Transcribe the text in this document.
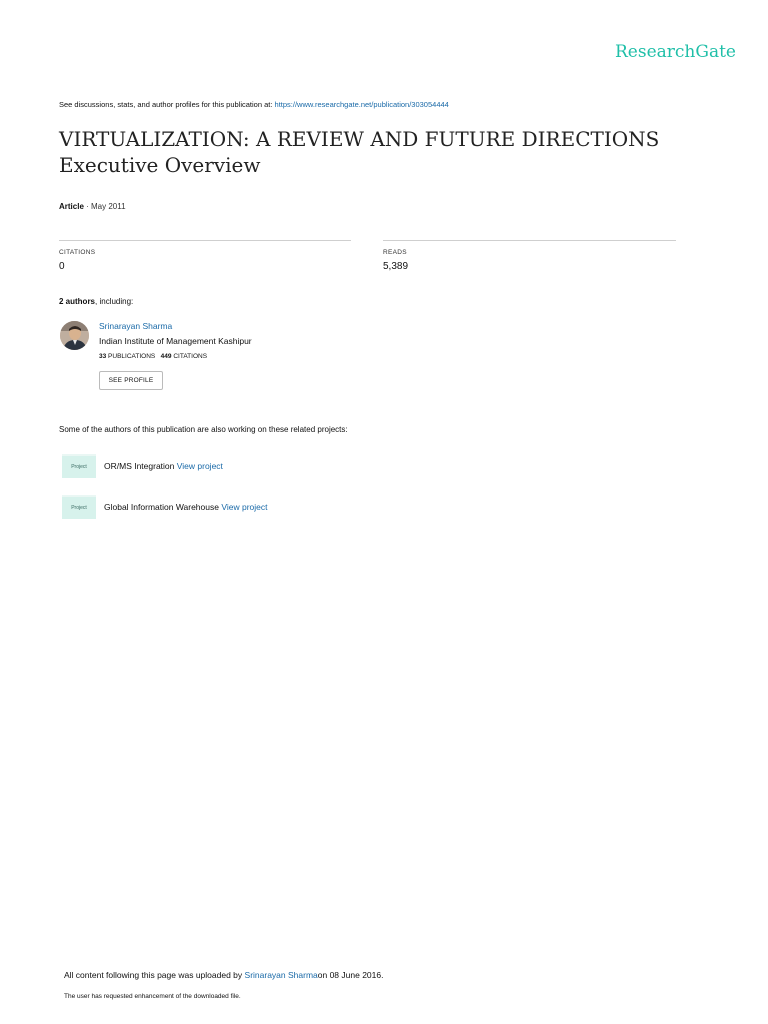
ResearchGate
See discussions, stats, and author profiles for this publication at: https://www.researchgate.net/publication/303054444
VIRTUALIZATION: A REVIEW AND FUTURE DIRECTIONS
Executive Overview
Article · May 2011
CITATIONS
0
READS
5,389
2 authors, including:
Srinarayan Sharma
Indian Institute of Management Kashipur
33 PUBLICATIONS 449 CITATIONS
SEE PROFILE
Some of the authors of this publication are also working on these related projects:
Project	OR/MS Integration View project
Project	Global Information Warehouse View project
All content following this page was uploaded by Srinarayan Sharmaon 08 June 2016.
The user has requested enhancement of the downloaded file.
